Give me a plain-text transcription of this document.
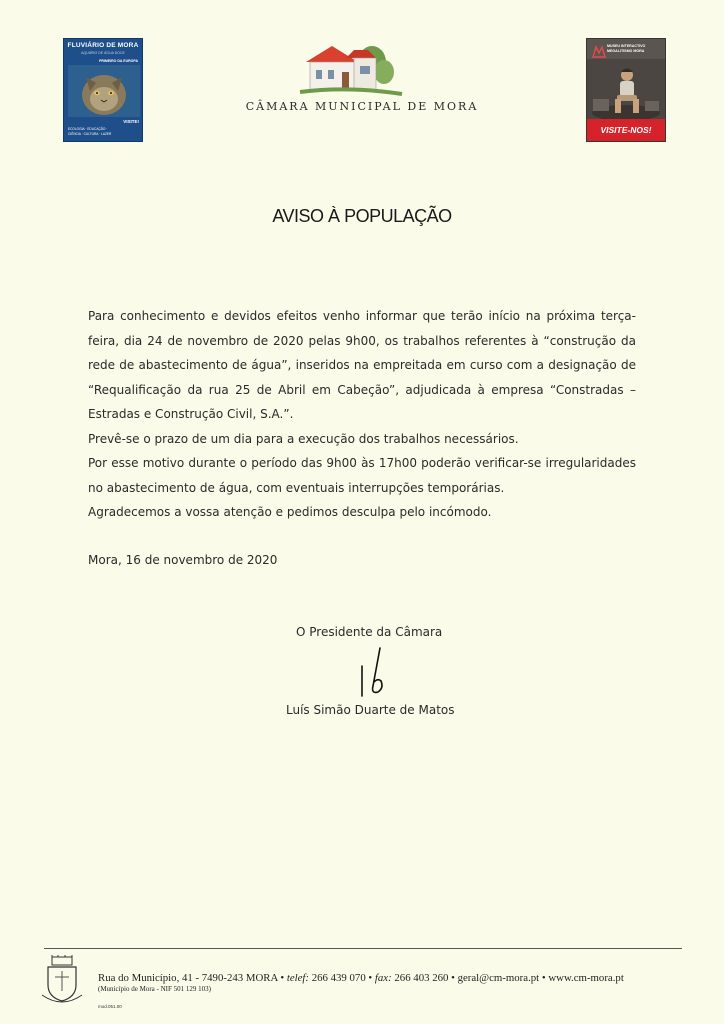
FLUVIÁRIO DE MORA
AQUÁRIO DE ÁGUA DOCE
PRIMEIRO DA EUROPA
VISITE!
ECOLOGIA · EDUCAÇÃO · CIÊNCIA · CULTURA · LAZER
CÂMARA MUNICIPAL DE MORA
MUSEU INTERACTIVO MEGALITISMO MORA
VISITE-NOS!
AVISO À POPULAÇÃO

Para conhecimento e devidos efeitos venho informar que terão início na próxima terça-feira, dia 24 de novembro de 2020 pelas 9h00, os trabalhos referentes à “construção da rede de abastecimento de água”, inseridos na empreitada em curso com a designação de “Requalificação da rua 25 de Abril em Cabeção”, adjudicada à empresa “Constradas – Estradas e Construção Civil, S.A.”.

Prevê-se o prazo de um dia para a execução dos trabalhos necessários.

Por esse motivo durante o período das 9h00 às 17h00 poderão verificar-se irregularidades no abastecimento de água, com eventuais interrupções temporárias.

Agradecemos a vossa atenção e pedimos desculpa pelo incómodo.

Mora, 16 de novembro de 2020
O Presidente da Câmara
Luís Simão Duarte de Matos
Rua do Município, 41 - 7490-243 MORA • telef: 266 439 070 • fax: 266 403 260 • geral@cm-mora.pt • www.cm-mora.pt
(Município de Mora - NIF 501 129 103)
mod.051.00
